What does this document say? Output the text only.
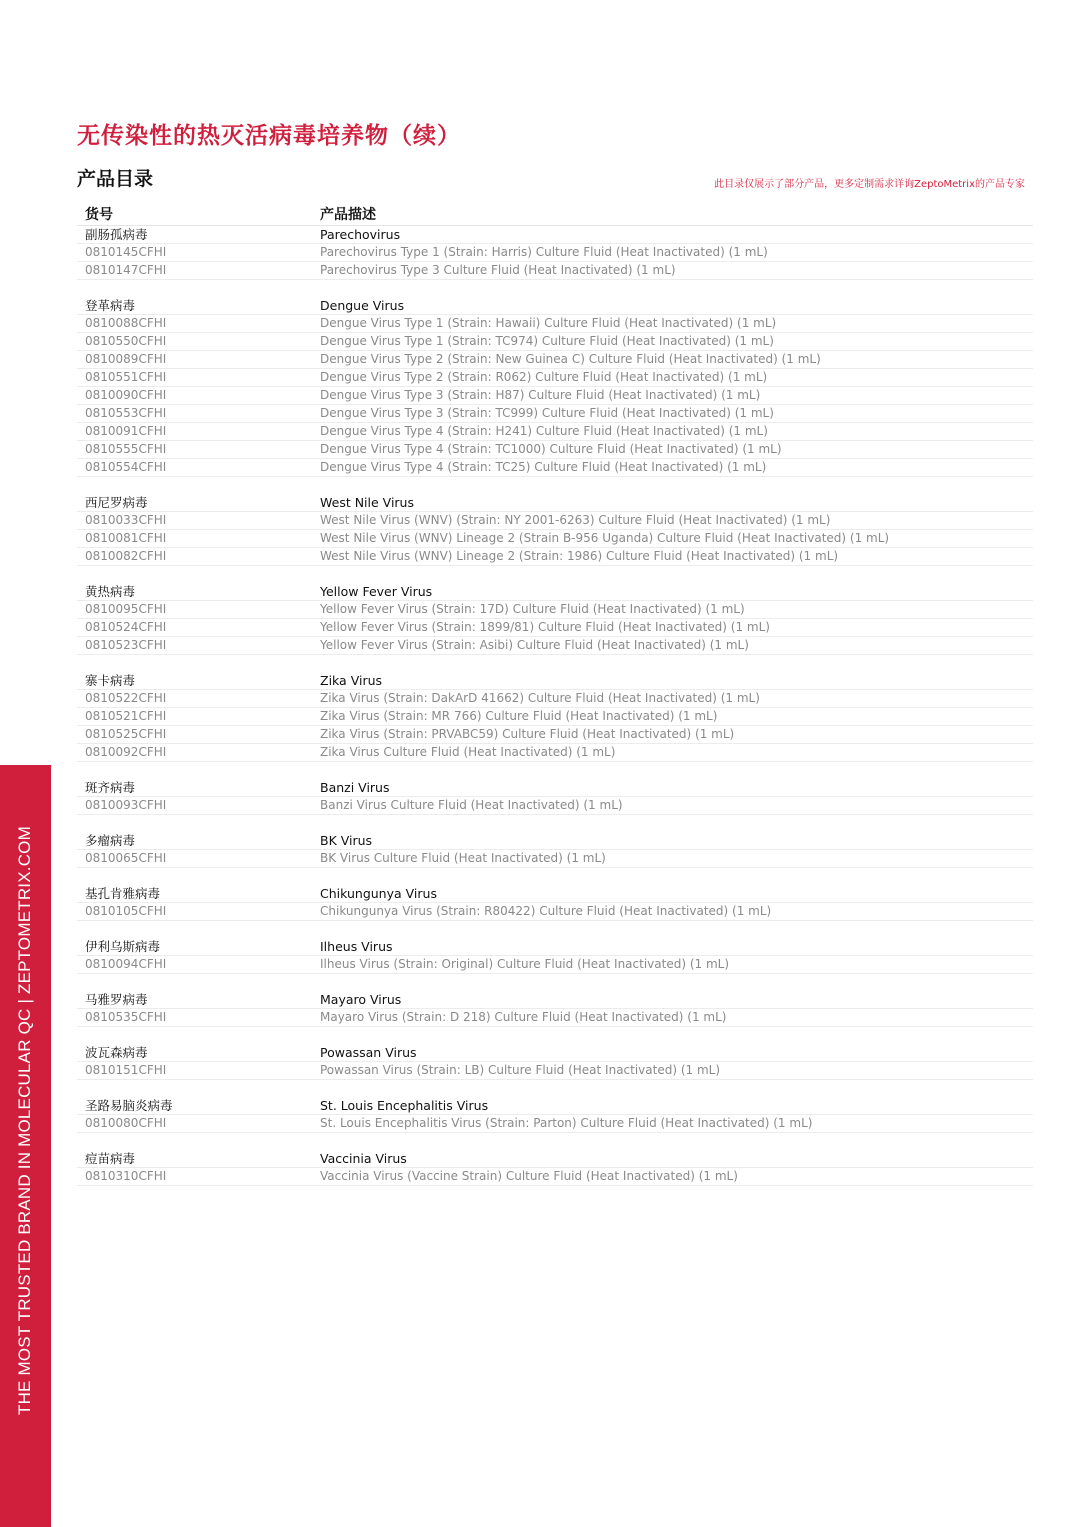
无传染性的热灭活病毒培养物（续）
产品目录	此目录仅展示了部分产品，更多定制需求详询ZeptoMetrix的产品专家
货号	产品描述
副肠孤病毒	Parechovirus
0810145CFHI	Parechovirus Type 1 (Strain: Harris) Culture Fluid (Heat Inactivated) (1 mL)
0810147CFHI	Parechovirus Type 3 Culture Fluid (Heat Inactivated) (1 mL)
登革病毒	Dengue Virus
0810088CFHI	Dengue Virus Type 1 (Strain: Hawaii) Culture Fluid (Heat Inactivated) (1 mL)
0810550CFHI	Dengue Virus Type 1 (Strain: TC974) Culture Fluid (Heat Inactivated) (1 mL)
0810089CFHI	Dengue Virus Type 2 (Strain: New Guinea C) Culture Fluid (Heat Inactivated) (1 mL)
0810551CFHI	Dengue Virus Type 2 (Strain: R062) Culture Fluid (Heat Inactivated) (1 mL)
0810090CFHI	Dengue Virus Type 3 (Strain: H87) Culture Fluid (Heat Inactivated) (1 mL)
0810553CFHI	Dengue Virus Type 3 (Strain: TC999) Culture Fluid (Heat Inactivated) (1 mL)
0810091CFHI	Dengue Virus Type 4 (Strain: H241) Culture Fluid (Heat Inactivated) (1 mL)
0810555CFHI	Dengue Virus Type 4 (Strain: TC1000) Culture Fluid (Heat Inactivated) (1 mL)
0810554CFHI	Dengue Virus Type 4 (Strain: TC25) Culture Fluid (Heat Inactivated) (1 mL)
西尼罗病毒	West Nile Virus
0810033CFHI	West Nile Virus (WNV) (Strain: NY 2001-6263) Culture Fluid (Heat Inactivated) (1 mL)
0810081CFHI	West Nile Virus (WNV) Lineage 2 (Strain B-956 Uganda) Culture Fluid (Heat Inactivated) (1 mL)
0810082CFHI	West Nile Virus (WNV) Lineage 2 (Strain: 1986) Culture Fluid (Heat Inactivated) (1 mL)
黄热病毒	Yellow Fever Virus
0810095CFHI	Yellow Fever Virus (Strain: 17D) Culture Fluid (Heat Inactivated) (1 mL)
0810524CFHI	Yellow Fever Virus (Strain: 1899/81) Culture Fluid (Heat Inactivated) (1 mL)
0810523CFHI	Yellow Fever Virus (Strain: Asibi) Culture Fluid (Heat Inactivated) (1 mL)
寨卡病毒	Zika Virus
0810522CFHI	Zika Virus (Strain: DakArD 41662) Culture Fluid (Heat Inactivated) (1 mL)
0810521CFHI	Zika Virus (Strain: MR 766) Culture Fluid (Heat Inactivated) (1 mL)
0810525CFHI	Zika Virus (Strain: PRVABC59) Culture Fluid (Heat Inactivated) (1 mL)
0810092CFHI	Zika Virus Culture Fluid (Heat Inactivated) (1 mL)
斑齐病毒	Banzi Virus
0810093CFHI	Banzi Virus Culture Fluid (Heat Inactivated) (1 mL)
多瘤病毒	BK Virus
0810065CFHI	BK Virus Culture Fluid (Heat Inactivated) (1 mL)
基孔肯雅病毒	Chikungunya Virus
0810105CFHI	Chikungunya Virus (Strain: R80422) Culture Fluid (Heat Inactivated) (1 mL)
伊利乌斯病毒	Ilheus Virus
0810094CFHI	Ilheus Virus (Strain: Original) Culture Fluid (Heat Inactivated) (1 mL)
马雅罗病毒	Mayaro Virus
0810535CFHI	Mayaro Virus (Strain: D 218) Culture Fluid (Heat Inactivated) (1 mL)
波瓦森病毒	Powassan Virus
0810151CFHI	Powassan Virus (Strain: LB) Culture Fluid (Heat Inactivated) (1 mL)
圣路易脑炎病毒	St. Louis Encephalitis Virus
0810080CFHI	St. Louis Encephalitis Virus (Strain: Parton) Culture Fluid (Heat Inactivated) (1 mL)
痘苗病毒	Vaccinia Virus
0810310CFHI	Vaccinia Virus (Vaccine Strain) Culture Fluid (Heat Inactivated) (1 mL)
THE MOST TRUSTED BRAND IN MOLECULAR QC | ZEPTOMETRIX.COM
